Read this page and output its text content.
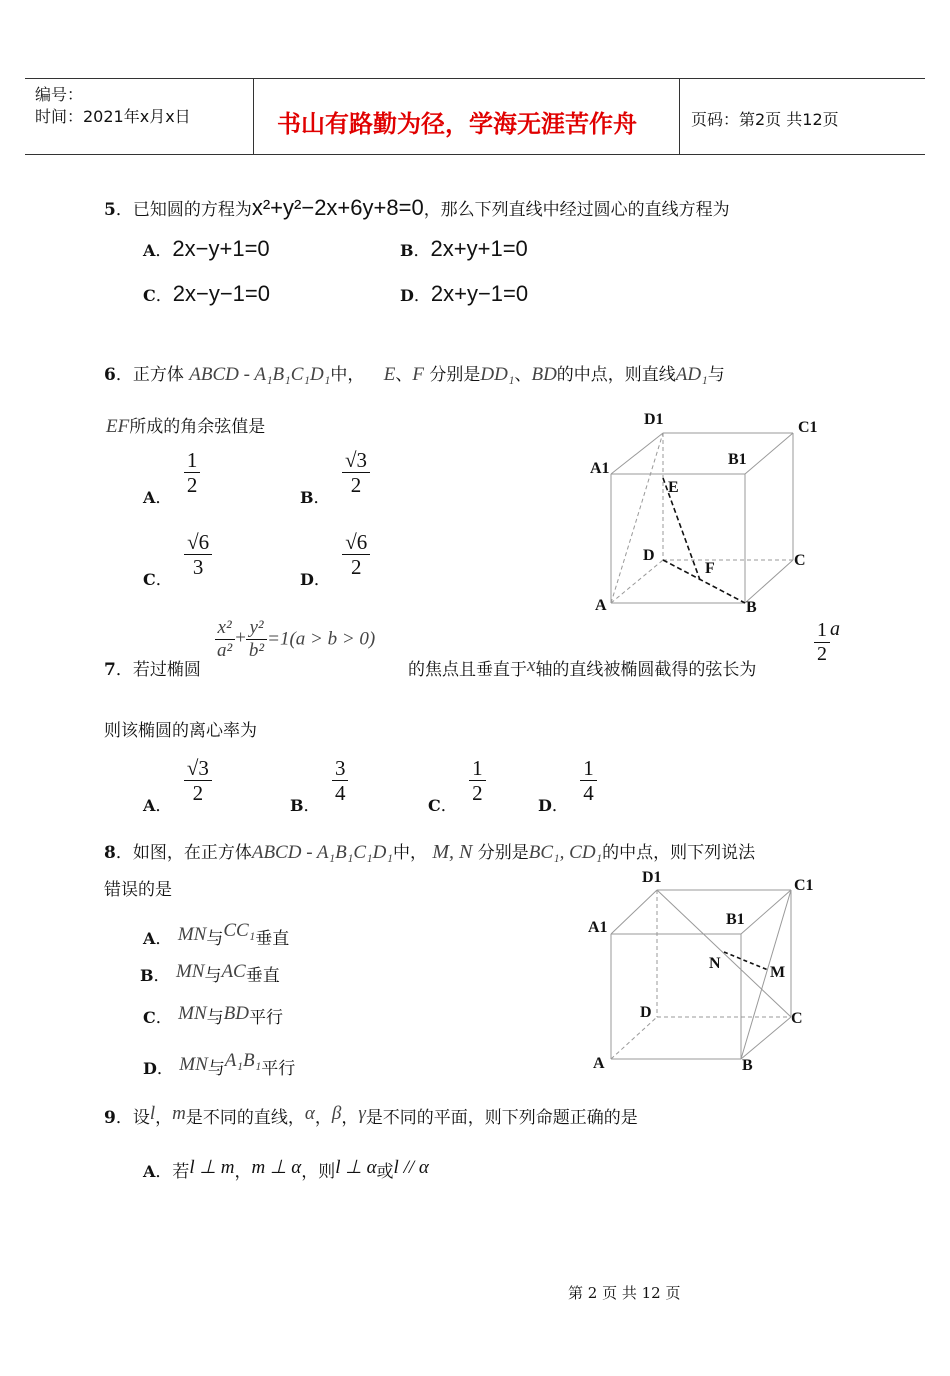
编号：
时间：2021年x月x日	书山有路勤为径，学海无涯苦作舟	页码：第2页 共12页
5．已知圆的方程为x²+y²−2x+6y+8=0，那么下列直线中经过圆心的直线方程为
A．2x−y+1=0	B．2x+y+1=0
C．2x−y−1=0	D．2x+y−1=0
6．正方体 ABCD - A₁B₁C₁D₁中， E、F 分别是DD₁、BD的中点，则直线AD₁与
EF所成的角余弦值是
A．
$\frac{1}{2}$
B．
$\frac{√3}{2}$
C．
$\frac{√6}{3}$
D．
$\frac{√6}{2}$
D1	C1
A1
B1
E
D	C
F
A	B
7．若过椭圆
$\frac{\text{x²}}{\text{a²}} + \frac{\text{y²}}{\text{b²}} =1(a > b > 0)$
的焦点且垂直于x轴的直线被椭圆截得的弦长为
$\frac{1}{2}$ a
则该椭圆的离心率为
A．
$\frac{√3}{2}$
B．
$\frac{3}{4}$
C．
$\frac{1}{2}$
D．
$\frac{1}{4}$
8．如图，在正方体ABCD - A₁B₁C₁D₁中， M, N 分别是BC₁, CD₁的中点，则下列说法
错误的是
A． MN与CC₁垂直
B． MN与AC垂直
C． MN与BD平行
D． MN与A₁B₁平行
D1	C1
A1	B1
N
M
D	C
A	B
9．设l，m是不同的直线，α，β，γ是不同的平面，则下列命题正确的是
A．若l ⊥ m，m ⊥ α，则l ⊥ α或l // α
第 2 页 共 12 页
